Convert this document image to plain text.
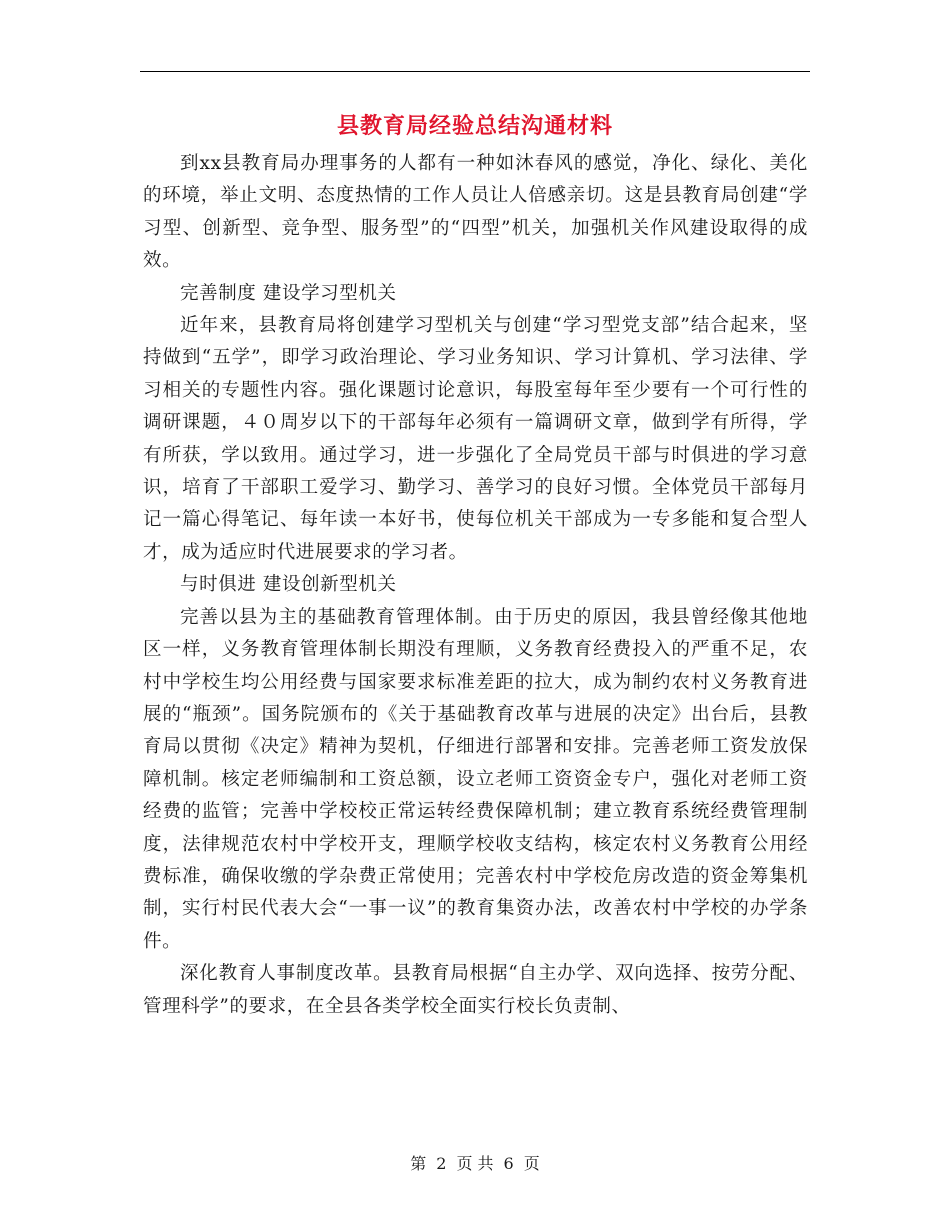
县教育局经验总结沟通材料

到xx县教育局办理事务的人都有一种如沐春风的感觉，净化、绿化、美化的环境，举止文明、态度热情的工作人员让人倍感亲切。这是县教育局创建“学习型、创新型、竞争型、服务型”的“四型”机关，加强机关作风建设取得的成效。

完善制度 建设学习型机关

近年来，县教育局将创建学习型机关与创建“学习型党支部”结合起来，坚持做到“五学”，即学习政治理论、学习业务知识、学习计算机、学习法律、学习相关的专题性内容。强化课题讨论意识，每股室每年至少要有一个可行性的调研课题，４０周岁以下的干部每年必须有一篇调研文章，做到学有所得，学有所获，学以致用。通过学习，进一步强化了全局党员干部与时俱进的学习意识，培育了干部职工爱学习、勤学习、善学习的良好习惯。全体党员干部每月记一篇心得笔记、每年读一本好书，使每位机关干部成为一专多能和复合型人才，成为适应时代进展要求的学习者。

与时俱进 建设创新型机关

完善以县为主的基础教育管理体制。由于历史的原因，我县曾经像其他地区一样，义务教育管理体制长期没有理顺，义务教育经费投入的严重不足，农村中学校生均公用经费与国家要求标准差距的拉大，成为制约农村义务教育进展的“瓶颈”。国务院颁布的《关于基础教育改革与进展的决定》出台后，县教育局以贯彻《决定》精神为契机，仔细进行部署和安排。完善老师工资发放保障机制。核定老师编制和工资总额，设立老师工资资金专户，强化对老师工资经费的监管；完善中学校校正常运转经费保障机制；建立教育系统经费管理制度，法律规范农村中学校开支，理顺学校收支结构，核定农村义务教育公用经费标准，确保收缴的学杂费正常使用；完善农村中学校危房改造的资金筹集机制，实行村民代表大会“一事一议”的教育集资办法，改善农村中学校的办学条件。

深化教育人事制度改革。县教育局根据“自主办学、双向选择、按劳分配、管理科学”的要求，在全县各类学校全面实行校长负责制、

第 2 页 共 6 页
